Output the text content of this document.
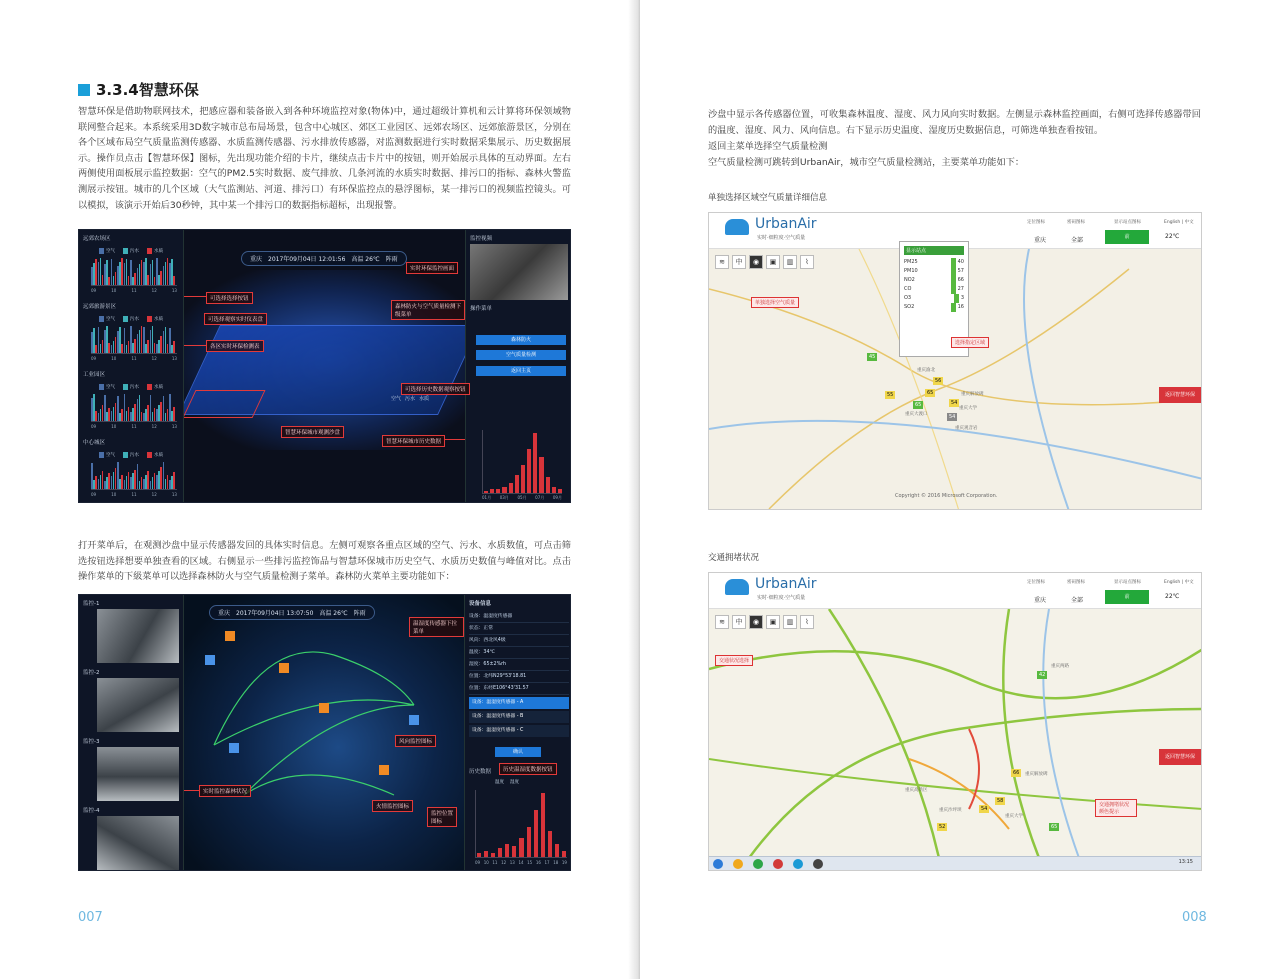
3.3.4智慧环保
智慧环保是借助物联网技术，把感应器和装备嵌入到各种环境监控对象(物体)中，通过超级计算机和云计算将环保领域物联网整合起来。本系统采用3D数字城市总布局场景，包含中心城区、郊区工业园区、远郊农场区、远郊旅游景区，分别在各个区域布局空气质量监测传感器、水质监测传感器、污水排放传感器，对监测数据进行实时数据采集展示、历史数据展示。操作员点击【智慧环保】图标，先出现功能介绍的卡片，继续点击卡片中的按钮，则开始展示具体的互动界面。左右两侧使用面板展示监控数据：空气的PM2.5实时数据、废气排放、几条河流的水质实时数据、排污口的指标、森林火警监测展示按钮。城市的几个区域（大气监测站、河道、排污口）有环保监控点的悬浮图标，某一排污口的视频监控镜头。可以模拟，该演示开始后30秒钟，其中某一个排污口的数据指标超标，出现报警。
远郊农场区
空气	污水	水质
09	10	11	12	13
远郊旅游景区
空气	污水	水质
09	10	11	12	13
工业园区
空气	污水	水质
09	10	11	12	13
中心城区
空气	污水	水质
09	10	11	12	13
重庆　2017年09月04日 12:01:56　高温 26℃　阵雨
监控视频
操作菜单
森林防火
空气质量检测
返回主页
01月 03月 05月 07月 09月
空气 污水 水质
实时环保监控画面
可选择选择按钮
可选择观察实时仪表盘
森林防火与空气质量检测下级菜单
各区实时环保检测表
可选择历史数据观察按钮
智慧环保城市观测沙盘
智慧环保城市历史数据
打开菜单后，在观测沙盘中显示传感器发回的具体实时信息。左侧可观察各重点区域的空气、污水、水质数值，可点击筛选按钮选择想要单独查看的区域。右侧显示一些排污监控饰品与智慧环保城市历史空气、水质历史数值与峰值对比。点击操作菜单的下級菜单可以选择森林防火与空气质量检测子菜单。森林防火菜单主要功能如下：
监控-1
监控-2
监控-3
监控-4
重庆　2017年09月04日 13:07:50　高温 26℃　阵雨
设备信息
设备：温湿度传感器
状态：正常
风向：西北风4级
温度：34℃
湿度：65±2%rh
位置：北纬N29°53'18.81
位置：东经E106°43'31.57
设备：温湿度传感器 - A
设备：温湿度传感器 - B
设备：温湿度传感器 - C
确认
历史数据
温度 湿度
09 10 11 12 13 14 15 16 17 18 19
温湿度传感器下拉菜单
风向监控图标
历史温湿度数据按钮
实时监控森林状况
火情监控图标
监控位置图标
007
沙盘中显示各传感器位置，可收集森林温度、湿度、风力风向实时数据。左侧显示森林监控画面，右侧可选择传感器带回的温度、湿度、风力、风向信息。右下显示历史温度、湿度历史数据信息，可筛选单独查看按钮。
返回主菜单选择空气质量检测
空气质量检测可跳转到UrbanAir，城市空气质量检测站，主要菜单功能如下：
单独选择区域空气质量详细信息
UrbanAir
实时·细粒度·空气质量
定位图标	密码图标	显示站点图标	English | 中文
重庆	全部	前	22℃
≋	中	◉	▣	▥	⌇
显示站点
PM25	40
PM10	57
NO2	66
CO	27
O3	3
SO2	16
单独选择空气质量
选择指定区域
45
56
65
55
54
65
54
重庆渝北
重庆解放碑
重庆大渡口
重庆大学
重庆观音岩
返回智慧环保
Copyright © 2016 Microsoft Corporation.
交通拥堵状况
UrbanAir
实时·细粒度·空气质量
定位图标	密码图标	显示站点图标	English | 中文
重庆	全部	前	22℃
≋	中	◉	▣	▥	⌇
交通状况选择
交通拥堵状况颜色提示
返回智慧环保
42
66
58
54
52	65
重庆两路
重庆解放碑
重庆高新区
重庆沙坪坝
重庆大学
13:15
008
